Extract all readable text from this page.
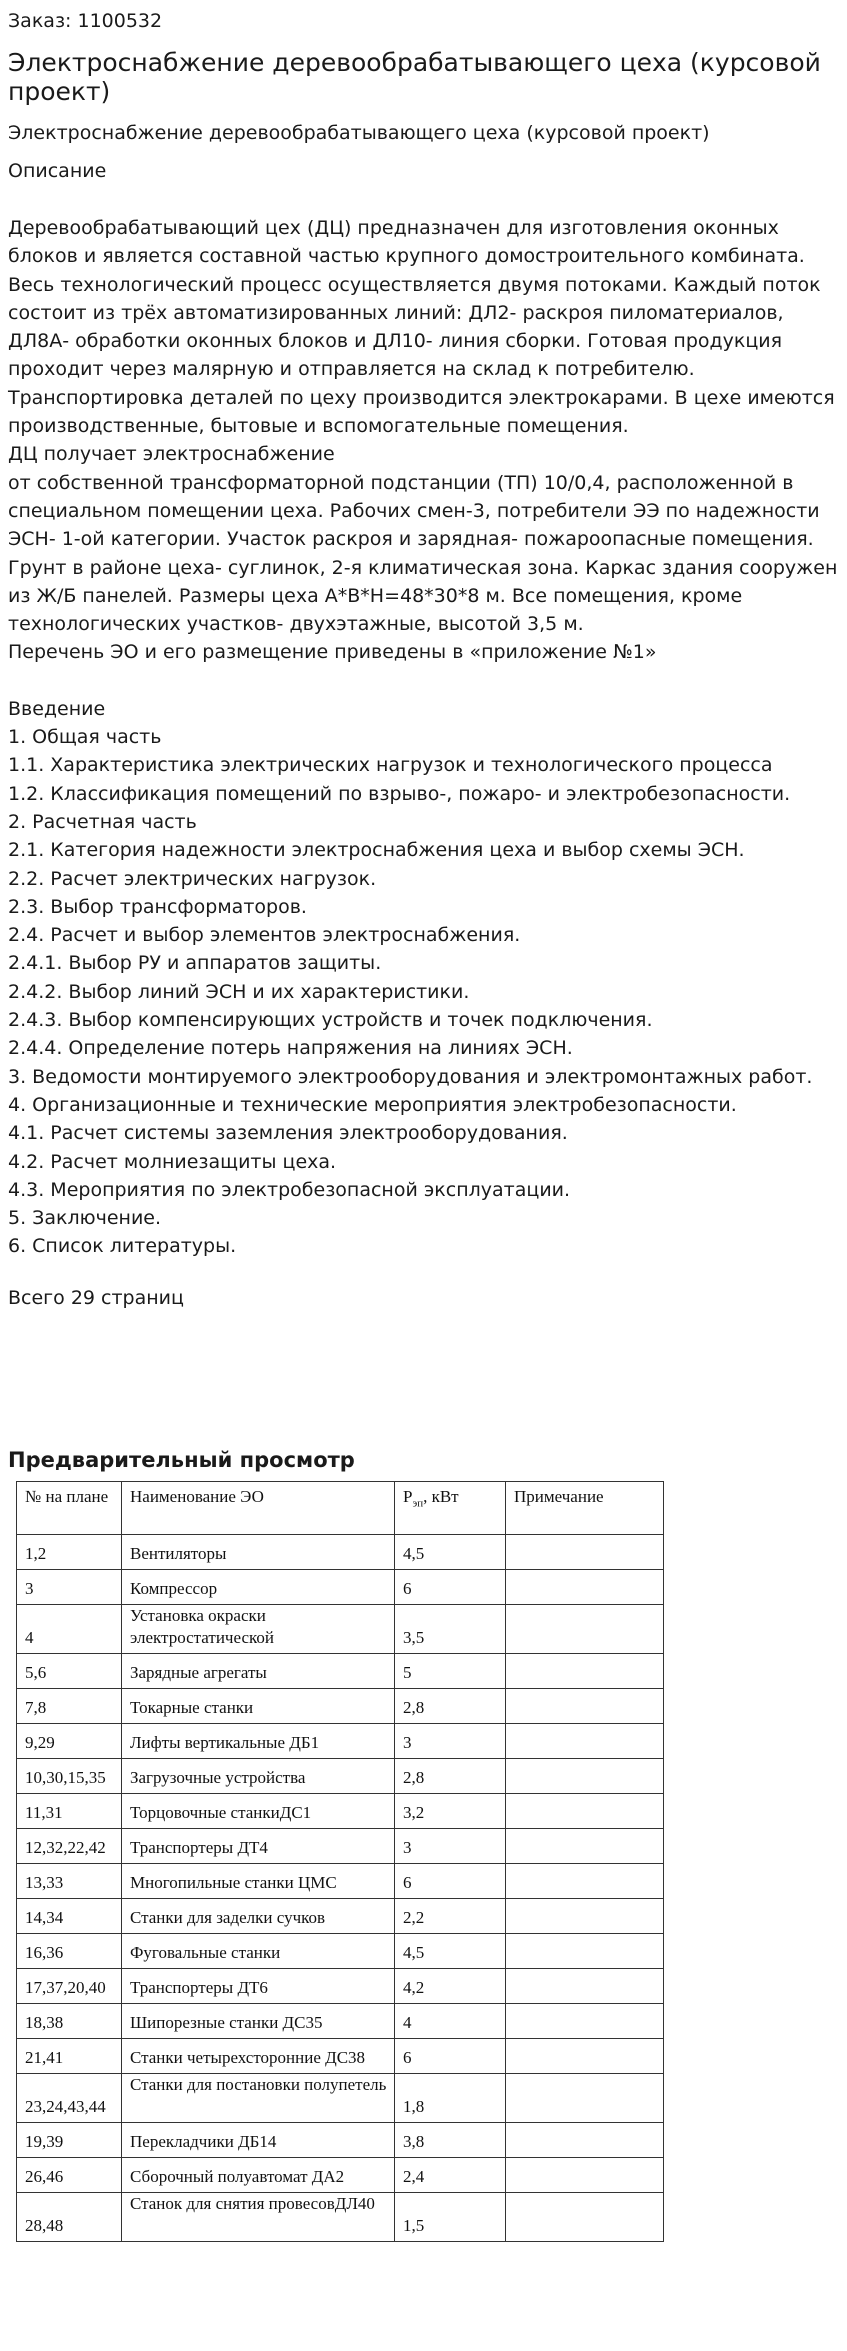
Заказ: 1100532
Электроснабжение деревообрабатывающего цеха (курсовой проект)
Электроснабжение деревообрабатывающего цеха (курсовой проект)
Описание

Деревообрабатывающий цех (ДЦ) предназначен для изготовления оконных блоков и является составной частью крупного домостроительного комбината. Весь технологический процесс осуществляется двумя потоками. Каждый поток состоит из трёх автоматизированных линий: ДЛ2- раскроя пиломатериалов, ДЛ8А- обработки оконных блоков и ДЛ10- линия сборки. Готовая продукция проходит через малярную и отправляется на склад к потребителю. Транспортировка деталей по цеху производится электрокарами. В цехе имеются производственные, бытовые и вспомогательные помещения.

ДЦ получает электроснабжение

от собственной трансформаторной подстанции (ТП) 10/0,4, расположенной в специальном помещении цеха. Рабочих смен-3, потребители ЭЭ по надежности ЭСН- 1-ой категории. Участок раскроя и зарядная- пожароопасные помещения. Грунт в районе цеха- суглинок, 2-я климатическая зона. Каркас здания сооружен из Ж/Б панелей. Размеры цеха А*В*Н=48*30*8 м. Все помещения, кроме технологических участков- двухэтажные, высотой 3,5 м.

Перечень ЭО и его размещение приведены в «приложение №1»

Введение
1. Общая часть
1.1. Характеристика электрических нагрузок и технологического процесса
1.2. Классификация помещений по взрыво-, пожаро- и электробезопасности.
2. Расчетная часть
2.1. Категория надежности электроснабжения цеха и выбор схемы ЭСН.
2.2. Расчет электрических нагрузок.
2.3. Выбор трансформаторов.
2.4. Расчет и выбор элементов электроснабжения.
2.4.1. Выбор РУ и аппаратов защиты.
2.4.2. Выбор линий ЭСН и их характеристики.
2.4.3. Выбор компенсирующих устройств и точек подключения.
2.4.4. Определение потерь напряжения на линиях ЭСН.
3. Ведомости монтируемого электрооборудования и электромонтажных работ.
4. Организационные и технические мероприятия электробезопасности.
4.1. Расчет системы заземления электрооборудования.
4.2. Расчет молниезащиты цеха.
4.3. Мероприятия по электробезопасной эксплуатации.
5. Заключение.
6. Список литературы.
Всего 29 страниц
Предварительный просмотр
№ на плане	Наименование ЭО	$P_{эп}$, кВт	Примечание
1,2	Вентиляторы	4,5	
3	Компрессор	6	
4	Установка окраски электростатической	3,5	
5,6	Зарядные агрегаты	5	
7,8	Токарные станки	2,8	
9,29	Лифты вертикальные ДБ1	3	
10,30,15,35	Загрузочные устройства	2,8	
11,31	Торцовочные станкиДС1	3,2	
12,32,22,42	Транспортеры ДТ4	3	
13,33	Многопильные станки ЦМС	6	
14,34	Станки для заделки сучков	2,2	
16,36	Фуговальные станки	4,5	
17,37,20,40	Транспортеры ДТ6	4,2	
18,38	Шипорезные станки ДС35	4	
21,41	Станки четырехсторонние ДС38	6	
23,24,43,44	Станки для постановки полупетель	1,8	
19,39	Перекладчики ДБ14	3,8	
26,46	Сборочный полуавтомат ДА2	2,4	
28,48	Станок для снятия провесовДЛ40	1,5	
